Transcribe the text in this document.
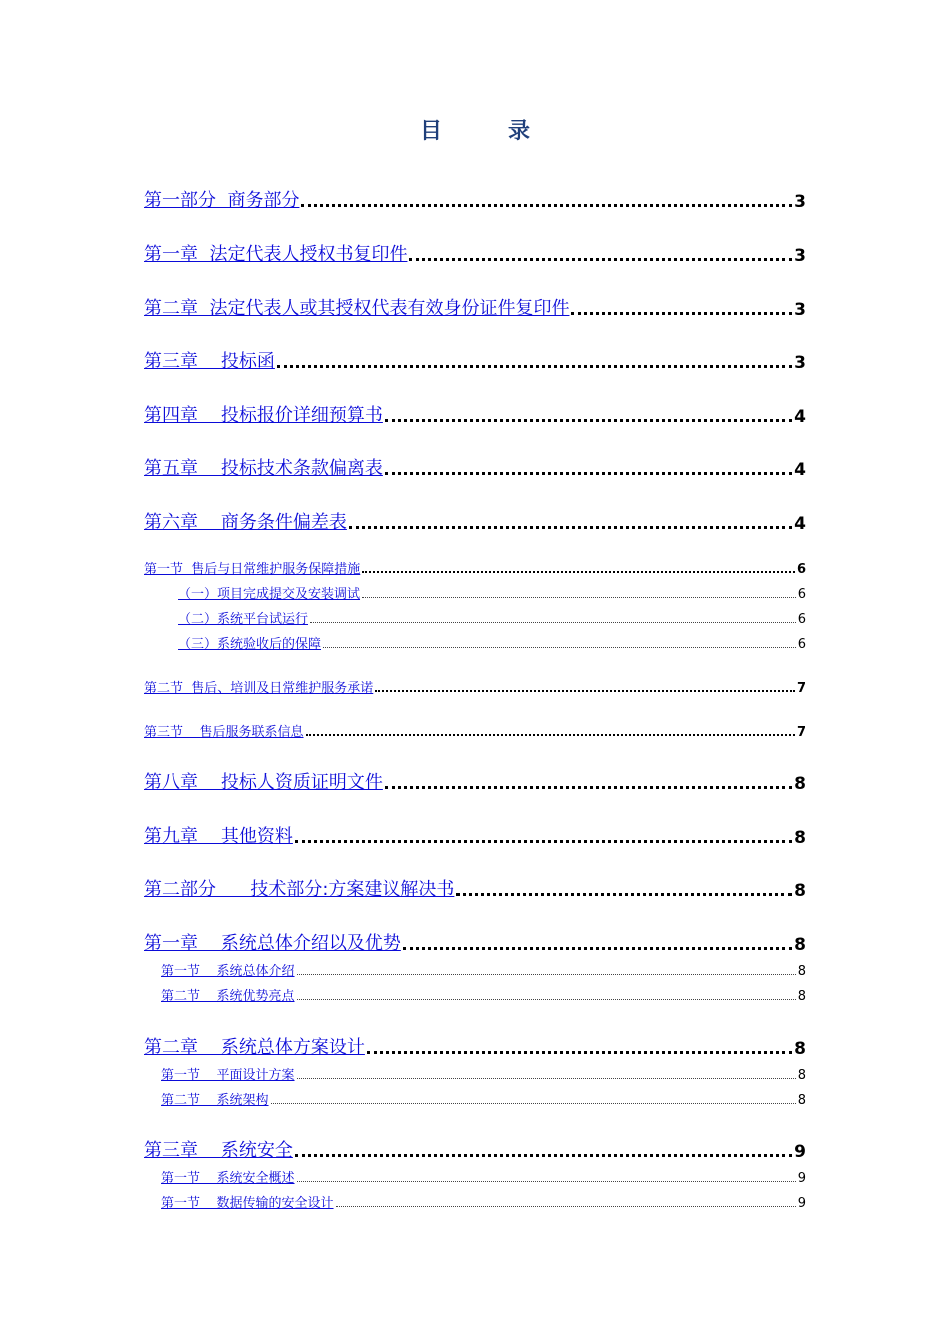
目	录
第一部分  商务部分	3
第一章  法定代表人授权书复印件	3
第二章  法定代表人或其授权代表有效身份证件复印件	3
第三章    投标函	3
第四章    投标报价详细预算书	4
第五章    投标技术条款偏离表	4
第六章    商务条件偏差表	4
第一节  售后与日常维护服务保障措施	6
（一）项目完成提交及安装调试	6
（二）系统平台试运行	6
（三）系统验收后的保障	6
第二节  售后、培训及日常维护服务承诺	7
第三节    售后服务联系信息	7
第八章    投标人资质证明文件	8
第九章    其他资料	8
第二部分      技术部分:方案建议解决书	8
第一章    系统总体介绍以及优势	8
第一节    系统总体介绍	8
第二节    系统优势亮点	8
第二章    系统总体方案设计	8
第一节    平面设计方案	8
第二节    系统架构	8
第三章    系统安全	9
第一节    系统安全概述	9
第一节    数据传输的安全设计	9
